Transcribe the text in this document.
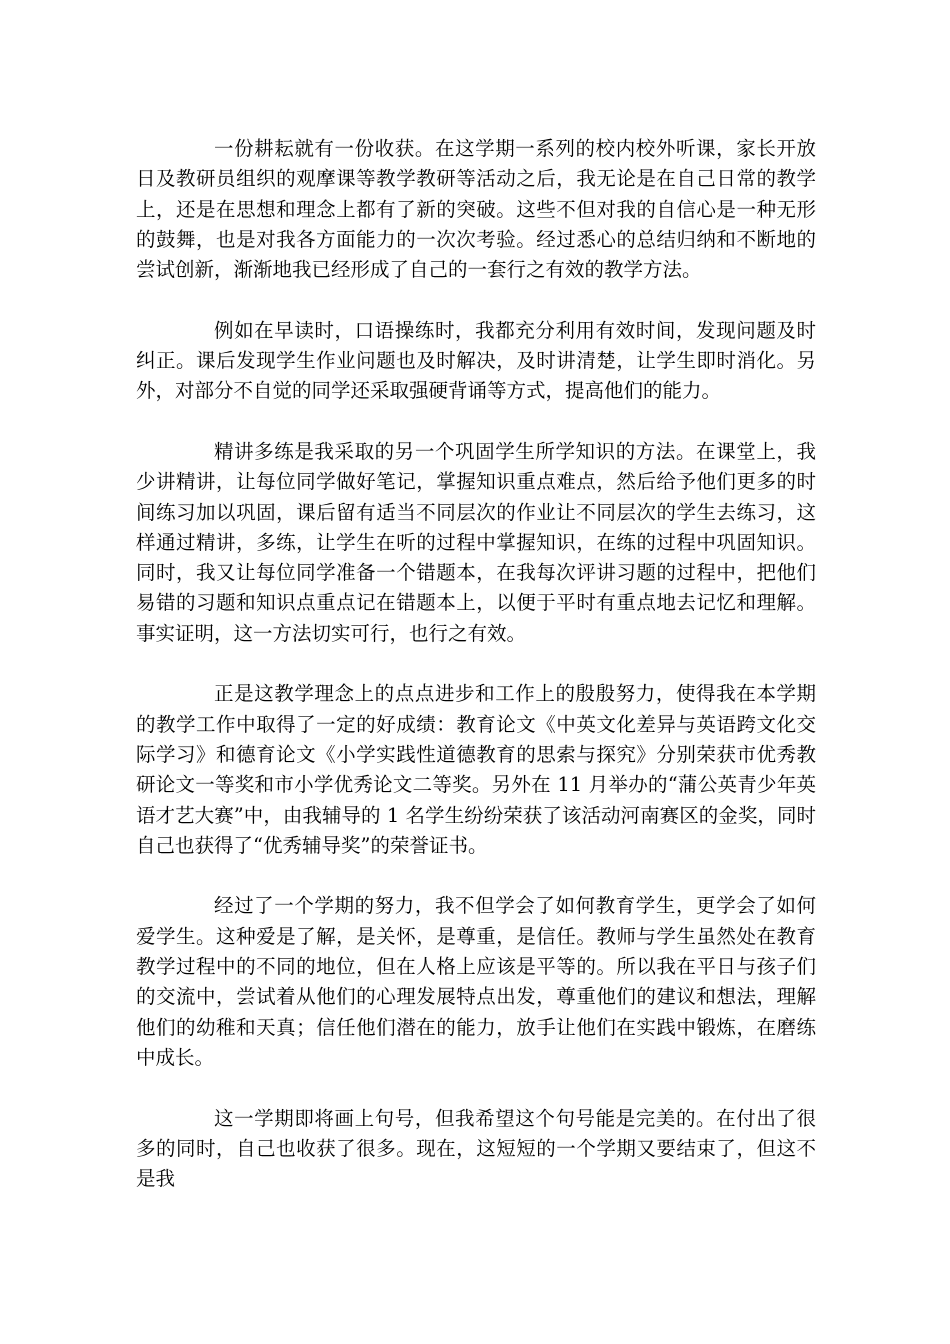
一份耕耘就有一份收获。在这学期一系列的校内校外听课，家长开放日及教研员组织的观摩课等教学教研等活动之后，我无论是在自己日常的教学上，还是在思想和理念上都有了新的突破。这些不但对我的自信心是一种无形的鼓舞，也是对我各方面能力的一次次考验。经过悉心的总结归纳和不断地的尝试创新，渐渐地我已经形成了自己的一套行之有效的教学方法。

例如在早读时，口语操练时，我都充分利用有效时间，发现问题及时纠正。课后发现学生作业问题也及时解决，及时讲清楚，让学生即时消化。另外，对部分不自觉的同学还采取强硬背诵等方式，提高他们的能力。

精讲多练是我采取的另一个巩固学生所学知识的方法。在课堂上，我少讲精讲，让每位同学做好笔记，掌握知识重点难点，然后给予他们更多的时间练习加以巩固，课后留有适当不同层次的作业让不同层次的学生去练习，这样通过精讲，多练，让学生在听的过程中掌握知识，在练的过程中巩固知识。同时，我又让每位同学准备一个错题本，在我每次评讲习题的过程中，把他们易错的习题和知识点重点记在错题本上，以便于平时有重点地去记忆和理解。事实证明，这一方法切实可行，也行之有效。

正是这教学理念上的点点进步和工作上的殷殷努力，使得我在本学期的教学工作中取得了一定的好成绩：教育论文《中英文化差异与英语跨文化交际学习》和德育论文《小学实践性道德教育的思索与探究》分别荣获市优秀教研论文一等奖和市小学优秀论文二等奖。另外在 11 月举办的“蒲公英青少年英语才艺大赛”中，由我辅导的 1 名学生纷纷荣获了该活动河南赛区的金奖，同时自己也获得了“优秀辅导奖”的荣誉证书。

经过了一个学期的努力，我不但学会了如何教育学生，更学会了如何爱学生。这种爱是了解，是关怀，是尊重，是信任。教师与学生虽然处在教育教学过程中的不同的地位，但在人格上应该是平等的。所以我在平日与孩子们的交流中，尝试着从他们的心理发展特点出发，尊重他们的建议和想法，理解他们的幼稚和天真；信任他们潜在的能力，放手让他们在实践中锻炼，在磨练中成长。

这一学期即将画上句号，但我希望这个句号能是完美的。在付出了很多的同时，自己也收获了很多。现在，这短短的一个学期又要结束了，但这不是我
